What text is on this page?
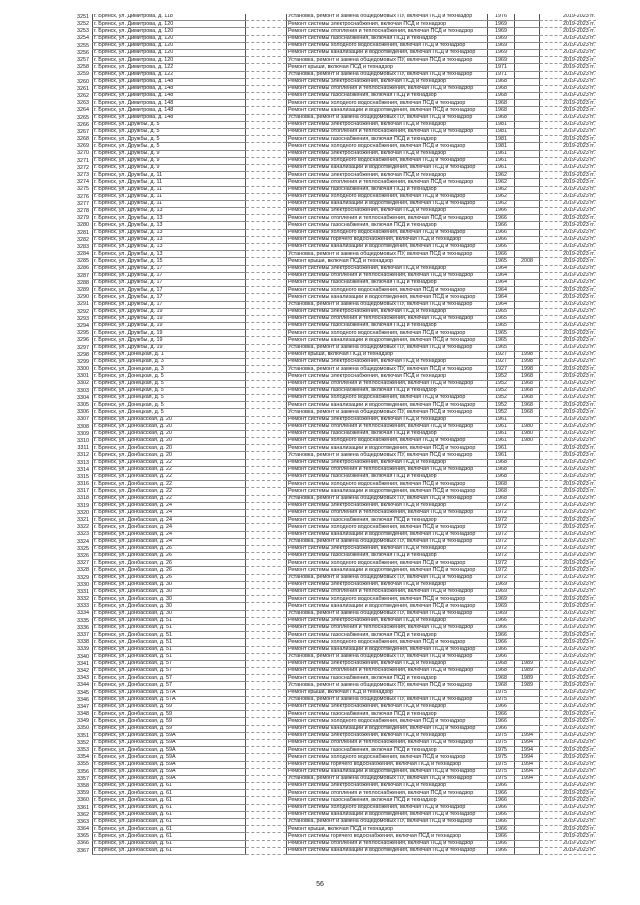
3251	г. Брянск, ул. Димитрова, д. 118		Установка, ремонт и замена общедомовых ПУ, включая ПСД и техназдор	1976		2019-2023 гг.
3252	г. Брянск, ул. Димитрова, д. 120		Ремонт системы электроснабжения, включая ПСД и технадзор	1969		2019-2023 гг.
3253	г. Брянск, ул. Димитрова, д. 120		Ремонт системы отопления и теплоснабжения, включая ПСД и технадзор	1969		2019-2023 гг.
3254	г. Брянск, ул. Димитрова, д. 120		Ремонт системы газоснабжения, включая ПСД и технадзор	1969		2019-2023 гг.
3255	г. Брянск, ул. Димитрова, д. 120		Ремонт системы холодного водоснабжения, включая ПСД и технадзор	1969		2019-2023 гг.
3256	г. Брянск, ул. Димитрова, д. 120		Ремонт системы канализации и водоотведения, включая ПСД и технадзор	1969		2019-2023 гг.
3257	г. Брянск, ул. Димитрова, д. 120		Установка, ремонт и замена общедомовых ПУ, включая ПСД и технадзор	1969		2019-2023 гг.
3258	г. Брянск, ул. Димитрова, д. 122		Ремонт крыши, включая ПСД и технадзор	1971		2019-2023 гг.
3259	г. Брянск, ул. Димитрова, д. 122		Установка, ремонт и замена общедомовых ПУ, включая ПСД и технадзор	1971		2019-2023 гг.
3260	г. Брянск, ул. Димитрова, д. 148		Ремонт системы электроснабжения, включая ПСД и технадзор	1968		2019-2023 гг.
3261	г. Брянск, ул. Димитрова, д. 148		Ремонт системы отопления и теплоснабжения, включая ПСД и технадзор	1968		2019-2023 гг.
3262	г. Брянск, ул. Димитрова, д. 148		Ремонт системы газоснабжения, включая ПСД и технадзор	1968		2019-2023 гг.
3263	г. Брянск, ул. Димитрова, д. 148		Ремонт системы холодного водоснабжения, включая ПСД и технадзор	1968		2019-2023 гг.
3264	г. Брянск, ул. Димитрова, д. 148		Ремонт системы канализации и водоотведения, включая ПСД и технадзор	1968		2019-2023 гг.
3265	г. Брянск, ул. Димитрова, д. 148		Установка, ремонт и замена общедомовых ПУ, включая ПСД и технадзор	1968		2019-2023 гг.
3266	г. Брянск, ул. Дружбы, д. 5		Ремонт системы электроснабжения, включая ПСД и технадзор	1981		2019-2023 гг.
3267	г. Брянск, ул. Дружбы, д. 5		Ремонт системы отопления и теплоснабжения, включая ПСД и технадзор	1981		2019-2023 гг.
3268	г. Брянск, ул. Дружбы, д. 5		Ремонт системы газоснабжения, включая ПСД и технадзор	1981		2019-2023 гг.
3269	г. Брянск, ул. Дружбы, д. 5		Ремонт системы холодного водоснабжения, включая ПСД и технадзор	1981		2019-2023 гг.
3270	г. Брянск, ул. Дружбы, д. 9		Ремонт системы электроснабжения, включая ПСД и технадзор	1961		2019-2023 гг.
3271	г. Брянск, ул. Дружбы, д. 9		Ремонт системы холодного водоснабжения, включая ПСД и технадзор	1961		2019-2023 гг.
3272	г. Брянск, ул. Дружбы, д. 9		Ремонт системы канализации и водоотведения, включая ПСД и технадзор	1961		2019-2023 гг.
3273	г. Брянск, ул. Дружбы, д. 11		Ремонт системы электроснабжения, включая ПСД и технадзор	1962		2019-2023 гг.
3274	г. Брянск, ул. Дружбы, д. 11		Ремонт системы отопления и теплоснабжения, включая ПСД и технадзор	1962		2019-2023 гг.
3275	г. Брянск, ул. Дружбы, д. 11		Ремонт системы газоснабжения, включая ПСД и технадзор	1962		2019-2023 гг.
3276	г. Брянск, ул. Дружбы, д. 11		Ремонт системы холодного водоснабжения, включая ПСД и технадзор	1962		2019-2023 гг.
3277	г. Брянск, ул. Дружбы, д. 11		Ремонт системы канализации и водоотведения, включая ПСД и технадзор	1962		2019-2023 гг.
3278	г. Брянск, ул. Дружбы, д. 13		Ремонт системы электроснабжения, включая ПСД и технадзор	1966		2019-2023 гг.
3279	г. Брянск, ул. Дружбы, д. 13		Ремонт системы отопления и теплоснабжения, включая ПСД и технадзор	1966		2019-2023 гг.
3280	г. Брянск, ул. Дружбы, д. 13		Ремонт системы газоснабжения, включая ПСД и технадзор	1966		2019-2023 гг.
3281	г. Брянск, ул. Дружбы, д. 13		Ремонт системы холодного водоснабжения, включая ПСД и технадзор	1966		2019-2023 гг.
3282	г. Брянск, ул. Дружбы, д. 13		Ремонт системы горячего водоснабжения, включая ПСД и технадзор	1966		2019-2023 гг.
3283	г. Брянск, ул. Дружбы, д. 13		Ремонт системы канализации и водоотведения, включая ПСД и технадзор	1966		2019-2023 гг.
3284	г. Брянск, ул. Дружбы, д. 13		Установка, ремонт и замена общедомовых ПУ, включая ПСД и технадзор	1966		2019-2023 гг.
3285	г. Брянск, ул. Дружбы, д. 15		Ремонт крыши, включая ПСД и технадзор	1965	2008	2019-2023 гг.
3286	г. Брянск, ул. Дружбы, д. 17		Ремонт системы электроснабжения, включая ПСД и технадзор	1964		2019-2023 гг.
3287	г. Брянск, ул. Дружбы, д. 17		Ремонт системы отопления и теплоснабжения, включая ПСД и технадзор	1964		2019-2023 гг.
3288	г. Брянск, ул. Дружбы, д. 17		Ремонт системы газоснабжения, включая ПСД и технадзор	1964		2019-2023 гг.
3289	г. Брянск, ул. Дружбы, д. 17		Ремонт системы холодного водоснабжения, включая ПСД и технадзор	1964		2019-2023 гг.
3290	г. Брянск, ул. Дружбы, д. 17		Ремонт системы канализации и водоотведения, включая ПСД и технадзор	1964		2019-2023 гг.
3291	г. Брянск, ул. Дружбы, д. 17		Установка, ремонт и замена общедомовых ПУ, включая ПСД и технадзор	1964		2019-2023 гг.
3292	г. Брянск, ул. Дружбы, д. 19		Ремонт системы электроснабжения, включая ПСД и технадзор	1965		2019-2023 гг.
3293	г. Брянск, ул. Дружбы, д. 19		Ремонт системы отопления и теплоснабжения, включая ПСД и технадзор	1965		2019-2023 гг.
3294	г. Брянск, ул. Дружбы, д. 19		Ремонт системы газоснабжения, включая ПСД и технадзор	1965		2019-2023 гг.
3295	г. Брянск, ул. Дружбы, д. 19		Ремонт системы холодного водоснабжения, включая ПСД и технадзор	1965		2019-2023 гг.
3296	г. Брянск, ул. Дружбы, д. 19		Ремонт системы канализации и водоотведения, включая ПСД и технадзор	1965		2019-2023 гг.
3297	г. Брянск, ул. Дружбы, д. 19		Установка, ремонт и замена общедомовых ПУ, включая ПСД и технадзор	1965		2019-2023 гг.
3298	г. Брянск, ул. Донецкая, д. 1		Ремонт крыши, включая ПСД и технадзор	1927	1998	2019-2023 гг.
3299	г. Брянск, ул. Донецкая, д. 3		Ремонт системы электроснабжения, включая ПСД и технадзор	1927	1998	2019-2023 гг.
3300	г. Брянск, ул. Донецкая, д. 3		Установка, ремонт и замена общедомовых ПУ, включая ПСД и технадзор	1927	1998	2019-2023 гг.
3301	г. Брянск, ул. Донецкая, д. 5		Ремонт системы электроснабжения, включая ПСД и технадзор	1952	1968	2019-2023 гг.
3302	г. Брянск, ул. Донецкая, д. 5		Ремонт системы отопления и теплоснабжения, включая ПСД и технадзор	1952	1968	2019-2023 гг.
3303	г. Брянск, ул. Донецкая, д. 5		Ремонт системы газоснабжения, включая ПСД и технадзор	1952	1968	2019-2023 гг.
3304	г. Брянск, ул. Донецкая, д. 5		Ремонт системы холодного водоснабжения, включая ПСД и технадзор	1952	1968	2019-2023 гг.
3305	г. Брянск, ул. Донецкая, д. 5		Ремонт системы канализации и водоотведения, включая ПСД и технадзор	1952	1968	2019-2023 гг.
3306	г. Брянск, ул. Донецкая, д. 5		Установка, ремонт и замена общедомовых ПУ, включая ПСД и технадзор	1952	1968	2019-2023 гг.
3307	г. Брянск, ул. Донбасская, д. 20		Ремонт системы электроснабжения, включая ПСД и технадзор	1961		2019-2023 гг.
3308	г. Брянск, ул. Донбасская, д. 20		Ремонт системы отопления и теплоснабжения, включая ПСД и технадзор	1961	1980	2019-2023 гг.
3309	г. Брянск, ул. Донбасская, д. 20		Ремонт системы газоснабжения, включая ПСД и технадзор	1961	1980	2019-2023 гг.
3310	г. Брянск, ул. Донбасская, д. 20		Ремонт системы холодного водоснабжения, включая ПСД и технадзор	1961	1980	2019-2023 гг.
3311	г. Брянск, ул. Донбасская, д. 20		Ремонт системы канализации и водоотведения, включая ПСД и технадзор	1961		2019-2023 гг.
3312	г. Брянск, ул. Донбасская, д. 20		Установка, ремонт и замена общедомовых ПУ, включая ПСД и технадзор	1961		2019-2023 гг.
3313	г. Брянск, ул. Донбасская, д. 22		Ремонт системы электроснабжения, включая ПСД и технадзор	1968		2019-2023 гг.
3314	г. Брянск, ул. Донбасская, д. 22		Ремонт системы отопления и теплоснабжения, включая ПСД и технадзор	1968		2019-2023 гг.
3315	г. Брянск, ул. Донбасская, д. 22		Ремонт системы газоснабжения, включая ПСД и технадзор	1968		2019-2023 гг.
3316	г. Брянск, ул. Донбасская, д. 22		Ремонт системы холодного водоснабжения, включая ПСД и технадзор	1968		2019-2023 гг.
3317	г. Брянск, ул. Донбасская, д. 22		Ремонт системы канализации и водоотведения, включая ПСД и технадзор	1968		2019-2023 гг.
3318	г. Брянск, ул. Донбасская, д. 22		Установка, ремонт и замена общедомовых ПУ, включая ПСД и технадзор	1968		2019-2023 гг.
3319	г. Брянск, ул. Донбасская, д. 24		Ремонт системы электроснабжения, включая ПСД и технадзор	1972		2019-2023 гг.
3320	г. Брянск, ул. Донбасская, д. 24		Ремонт системы отопления и теплоснабжения, включая ПСД и технадзор	1972		2019-2023 гг.
3321	г. Брянск, ул. Донбасская, д. 24		Ремонт системы газоснабжения, включая ПСД и технадзор	1972		2019-2023 гг.
3322	г. Брянск, ул. Донбасская, д. 24		Ремонт системы холодного водоснабжения, включая ПСД и технадзор	1972		2019-2023 гг.
3323	г. Брянск, ул. Донбасская, д. 24		Ремонт системы канализации и водоотведения, включая ПСД и технадзор	1972		2019-2023 гг.
3324	г. Брянск, ул. Донбасская, д. 24		Установка, ремонт и замена общедомовых ПУ, включая ПСД и технадзор	1972		2019-2023 гг.
3325	г. Брянск, ул. Донбасская, д. 26		Ремонт системы электроснабжения, включая ПСД и технадзор	1972		2019-2023 гг.
3326	г. Брянск, ул. Донбасская, д. 26		Ремонт системы газоснабжения, включая ПСД и технадзор	1972		2019-2023 гг.
3327	г. Брянск, ул. Донбасская, д. 26		Ремонт системы холодного водоснабжения, включая ПСД и технадзор	1972		2019-2023 гг.
3328	г. Брянск, ул. Донбасская, д. 26		Ремонт системы канализации и водоотведения, включая ПСД и технадзор	1972		2019-2023 гг.
3329	г. Брянск, ул. Донбасская, д. 26		Установка, ремонт и замена общедомовых ПУ, включая ПСД и технадзор	1972		2019-2023 гг.
3330	г. Брянск, ул. Донбасская, д. 30		Ремонт системы электроснабжения, включая ПСД и технадзор	1969		2019-2023 гг.
3331	г. Брянск, ул. Донбасская, д. 30		Ремонт системы отопления и теплоснабжения, включая ПСД и технадзор	1969		2019-2023 гг.
3332	г. Брянск, ул. Донбасская, д. 30		Ремонт системы холодного водоснабжения, включая ПСД и технадзор	1969		2019-2023 гг.
3333	г. Брянск, ул. Донбасская, д. 30		Ремонт системы канализации и водоотведения, включая ПСД и технадзор	1969		2019-2023 гг.
3334	г. Брянск, ул. Донбасская, д. 30		Установка, ремонт и замена общедомовых ПУ, включая ПСД и технадзор	1969		2019-2023 гг.
3335	г. Брянск, ул. Донбасская, д. 51		Ремонт системы электроснабжения, включая ПСД и технадзор	1966		2019-2023 гг.
3336	г. Брянск, ул. Донбасская, д. 51		Ремонт системы отопления и теплоснабжения, включая ПСД и технадзор	1966		2019-2023 гг.
3337	г. Брянск, ул. Донбасская, д. 51		Ремонт системы газоснабжения, включая ПСД и технадзор	1966		2019-2023 гг.
3338	г. Брянск, ул. Донбасская, д. 51		Ремонт системы холодного водоснабжения, включая ПСД и технадзор	1966		2019-2023 гг.
3339	г. Брянск, ул. Донбасская, д. 51		Ремонт системы канализации и водоотведения, включая ПСД и технадзор	1966		2019-2023 гг.
3340	г. Брянск, ул. Донбасская, д. 51		Установка, ремонт и замена общедомовых ПУ, включая ПСД и технадзор	1966		2019-2023 гг.
3341	г. Брянск, ул. Донбасская, д. 57		Ремонт системы электроснабжения, включая ПСД и технадзор	1968	1989	2019-2023 гг.
3342	г. Брянск, ул. Донбасская, д. 57		Ремонт системы отопления и теплоснабжения, включая ПСД и технадзор	1968	1989	2019-2023 гг.
3343	г. Брянск, ул. Донбасская, д. 57		Ремонт системы газоснабжения, включая ПСД и технадзор	1968	1989	2019-2023 гг.
3344	г. Брянск, ул. Донбасская, д. 57		Установка, ремонт и замена общедомовых ПУ, включая ПСД и технадзор	1968	1989	2019-2023 гг.
3345	г. Брянск, ул. Донбасская, д. 57А		Ремонт крыши, включая ПСД и технадзор	1975		2019-2023 гг.
3346	г. Брянск, ул. Донбасская, д. 57А		Установка, ремонт и замена общедомовых ПУ, включая ПСД и технадзор	1975		2019-2023 гг.
3347	г. Брянск, ул. Донбасская, д. 59		Ремонт системы электроснабжения, включая ПСД и технадзор	1966		2019-2023 гг.
3348	г. Брянск, ул. Донбасская, д. 59		Ремонт системы газоснабжения, включая ПСД и технадзор	1966		2019-2023 гг.
3349	г. Брянск, ул. Донбасская, д. 59		Ремонт системы холодного водоснабжения, включая ПСД и технадзор	1966		2019-2023 гг.
3350	г. Брянск, ул. Донбасская, д. 59		Ремонт системы канализации и водоотведения, включая ПСД и технадзор	1966		2019-2023 гг.
3351	г. Брянск, ул. Донбасская, д. 59А		Ремонт системы электроснабжения, включая ПСД и технадзор	1975	1994	2019-2023 гг.
3352	г. Брянск, ул. Донбасская, д. 59А		Ремонт системы отопления и теплоснабжения, включая ПСД и технадзор	1975	1994	2019-2023 гг.
3353	г. Брянск, ул. Донбасская, д. 59А		Ремонт системы газоснабжения, включая ПСД и технадзор	1975	1994	2019-2023 гг.
3354	г. Брянск, ул. Донбасская, д. 59А		Ремонт системы холодного водоснабжения, включая ПСД и технадзор	1975	1994	2019-2023 гг.
3355	г. Брянск, ул. Донбасская, д. 59А		Ремонт системы горячего водоснабжения, включая ПСД и технадзор	1975	1994	2019-2023 гг.
3356	г. Брянск, ул. Донбасская, д. 59А		Ремонт системы канализации и водоотведения, включая ПСД и технадзор	1975	1994	2019-2023 гг.
3357	г. Брянск, ул. Донбасская, д. 59А		Установка, ремонт и замена общедомовых ПУ, включая ПСД и технадзор	1975	1994	2019-2023 гг.
3358	г. Брянск, ул. Донбасская, д. 61		Ремонт системы электроснабжения, включая ПСД и технадзор	1966		2019-2023 гг.
3359	г. Брянск, ул. Донбасская, д. 61		Ремонт системы отопления и теплоснабжения, включая ПСД и технадзор	1966		2019-2023 гг.
3360	г. Брянск, ул. Донбасская, д. 61		Ремонт системы газоснабжения, включая ПСД и технадзор	1966		2019-2023 гг.
3361	г. Брянск, ул. Донбасская, д. 61		Ремонт системы холодного водоснабжения, включая ПСД и технадзор	1966		2019-2023 гг.
3362	г. Брянск, ул. Донбасская, д. 61		Ремонт системы канализации и водоотведения, включая ПСД и технадзор	1966		2019-2023 гг.
3363	г. Брянск, ул. Донбасская, д. 61		Установка, ремонт и замена общедомовых ПУ, включая ПСД и технадзор	1966		2019-2023 гг.
3364	г. Брянск, ул. Донбасская, д. 61		Ремонт крыши, включая ПСД и технадзор	1966		2019-2023 гг.
3365	г. Брянск, ул. Донбасская, д. 61		Ремонт системы горячего водоснабжения, включая ПСД и технадзор	1966		2019-2023 гг.
3366	г. Брянск, ул. Донбасская, д. 61		Ремонт системы отопления и теплоснабжения, включая ПСД и технадзор	1966		2019-2023 гг.
3367	г. Брянск, ул. Донбасская, д. 61		Ремонт системы канализации и водоотведения, включая ПСД и технадзор	1966		2019-2023 гг.
56
